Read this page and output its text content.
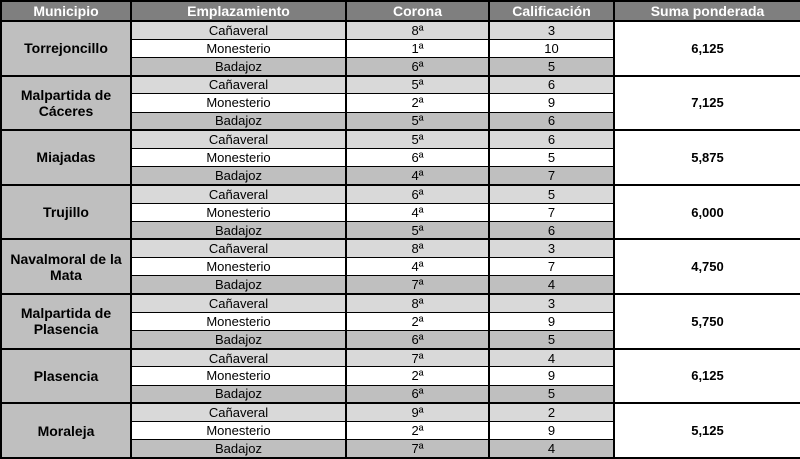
Municipio	Emplazamiento	Corona	Calificación	Suma ponderada
Torrejoncillo	Cañaveral	8ª	3	6,125
	Monesterio	1ª	10	
	Badajoz	6ª	5	
Malpartida de Cáceres	Cañaveral	5ª	6	7,125
	Monesterio	2ª	9	
	Badajoz	5ª	6	
Miajadas	Cañaveral	5ª	6	5,875
	Monesterio	6ª	5	
	Badajoz	4ª	7	
Trujillo	Cañaveral	6ª	5	6,000
	Monesterio	4ª	7	
	Badajoz	5ª	6	
Navalmoral de la Mata	Cañaveral	8ª	3	4,750
	Monesterio	4ª	7	
	Badajoz	7ª	4	
Malpartida de Plasencia	Cañaveral	8ª	3	5,750
	Monesterio	2ª	9	
	Badajoz	6ª	5	
Plasencia	Cañaveral	7ª	4	6,125
	Monesterio	2ª	9	
	Badajoz	6ª	5	
Moraleja	Cañaveral	9ª	2	5,125
	Monesterio	2ª	9	
	Badajoz	7ª	4	
